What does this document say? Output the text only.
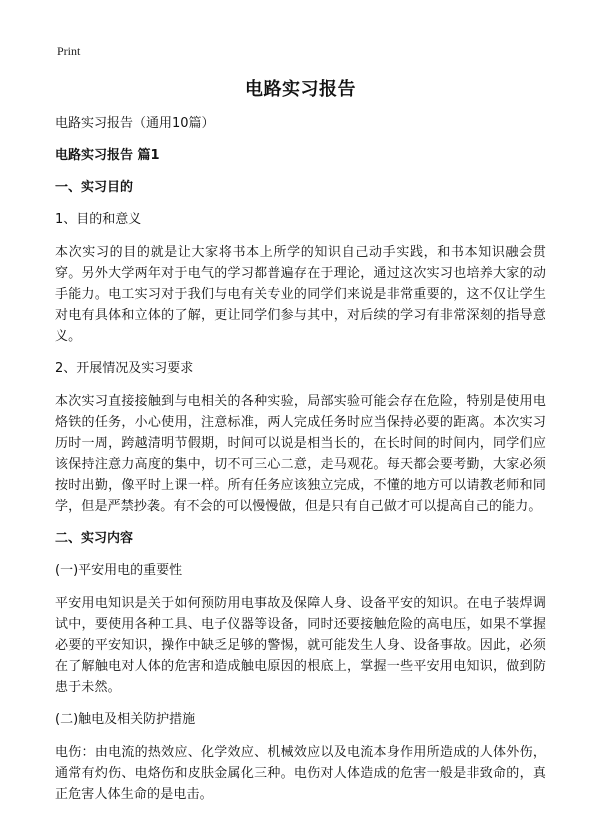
Print
电路实习报告
电路实习报告（通用10篇）
电路实习报告 篇1
一、实习目的
1、目的和意义
本次实习的目的就是让大家将书本上所学的知识自己动手实践，和书本知识融会贯穿。另外大学两年对于电气的学习都普遍存在于理论，通过这次实习也培养大家的动手能力。电工实习对于我们与电有关专业的同学们来说是非常重要的，这不仅让学生对电有具体和立体的了解，更让同学们参与其中，对后续的学习有非常深刻的指导意义。
2、开展情况及实习要求
本次实习直接接触到与电相关的各种实验，局部实验可能会存在危险，特别是使用电烙铁的任务，小心使用，注意标准，两人完成任务时应当保持必要的距离。本次实习历时一周，跨越清明节假期，时间可以说是相当长的，在长时间的时间内，同学们应该保持注意力高度的集中，切不可三心二意，走马观花。每天都会要考勤，大家必须按时出勤，像平时上课一样。所有任务应该独立完成，不懂的地方可以请教老师和同学，但是严禁抄袭。有不会的可以慢慢做，但是只有自己做才可以提高自己的能力。
二、实习内容
(一)平安用电的重要性
平安用电知识是关于如何预防用电事故及保障人身、设备平安的知识。在电子装焊调试中，要使用各种工具、电子仪器等设备，同时还要接触危险的高电压，如果不掌握必要的平安知识，操作中缺乏足够的警惕，就可能发生人身、设备事故。因此，必须在了解触电对人体的危害和造成触电原因的根底上，掌握一些平安用电知识，做到防患于未然。
(二)触电及相关防护措施
电伤：由电流的热效应、化学效应、机械效应以及电流本身作用所造成的人体外伤，通常有灼伤、电烙伤和皮肤金属化三种。电伤对人体造成的危害一般是非致命的，真正危害人体生命的是电击。
